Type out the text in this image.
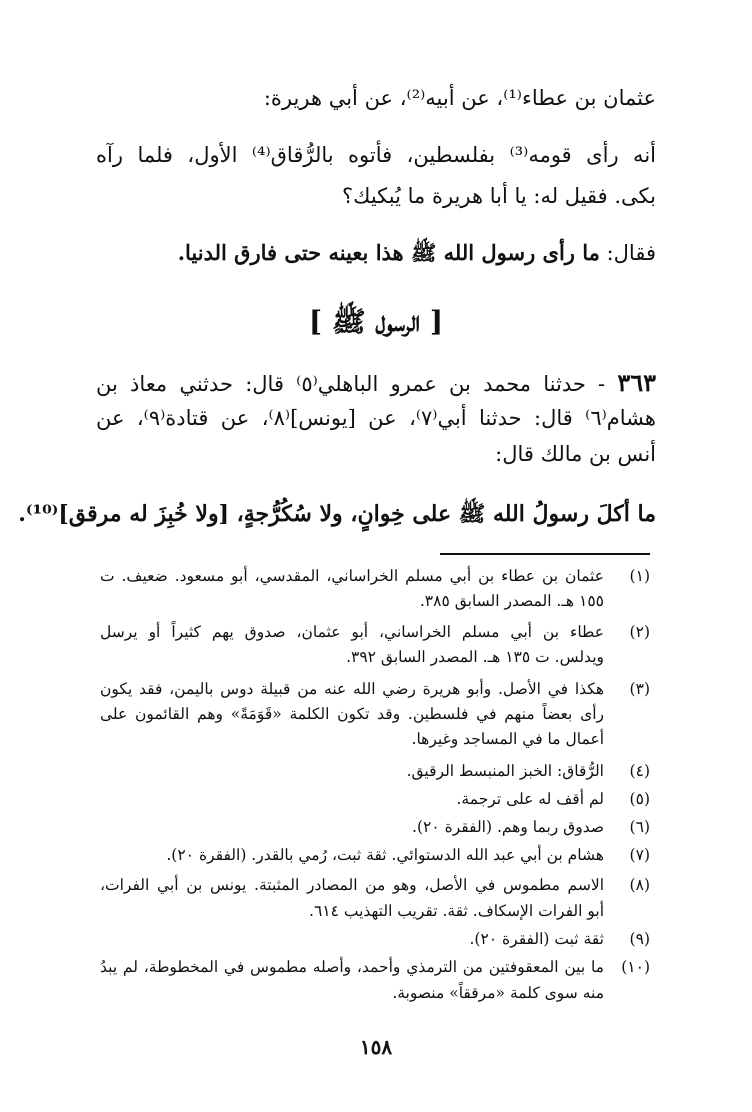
عثمان بن عطاء⁽¹⁾، عن أبيه⁽²⁾، عن أبي هريرة:
أنه رأى قومه⁽³⁾ بفلسطين، فأتوه بالرُّقاق⁽⁴⁾ الأول، فلما رآه
بكى. فقيل له: يا أبا هريرة ما يُبكيك؟
فقال: ما رأى رسول الله ﷺ هذا بعينه حتى فارق الدنيا.
[ الرسول ﷺ ]
٣٦٣ - حدثنا محمد بن عمرو الباهلي⁽٥⁾ قال: حدثني معاذ بن
هشام⁽٦⁾ قال: حدثنا أبي⁽٧⁾، عن [يونس]⁽٨⁾، عن قتادة⁽٩⁾، عن
أنس بن مالك قال:
ما أكلَ رسولُ الله ﷺ على خِوانٍ، ولا سُكُرُّجةٍ، [ولا خُبِزَ له مرقق]⁽¹⁰⁾.
(١)
عثمان بن عطاء بن أبي مسلم الخراساني، المقدسي، أبو مسعود. ضعيف. ت
١٥٥ هـ. المصدر السابق ٣٨٥.
(٢)
عطاء بن أبي مسلم الخراساني، أبو عثمان، صدوق يهم كثيراً أو يرسل
ويدلس. ت ١٣٥ هـ. المصدر السابق ٣٩٢.
(٣)
هكذا في الأصل. وأبو هريرة رضي الله عنه من قبيلة دوس باليمن، فقد يكون
رأى بعضاً منهم في فلسطين. وقد تكون الكلمة «قَوَمَةً» وهم القائمون على
أعمال ما في المساجد وغيرها.
(٤)
الرُّقاق: الخبز المنبسط الرقيق.
(٥)
لم أقف له على ترجمة.
(٦)
صدوق ربما وهم. (الفقرة ٢٠).
(٧)
هشام بن أبي عبد الله الدستوائي. ثقة ثبت، رُمي بالقدر. (الفقرة ٢٠).
(٨)
الاسم مطموس في الأصل، وهو من المصادر المثبتة. يونس بن أبي الفرات،
أبو الفرات الإسكاف. ثقة. تقريب التهذيب ٦١٤.
(٩)
ثقة ثبت (الفقرة ٢٠).
(١٠)
ما بين المعقوفتين من الترمذي وأحمد، وأصله مطموس في المخطوطة، لم يبدُ
منه سوى كلمة «مرققاً» منصوبة.
١٥٨
